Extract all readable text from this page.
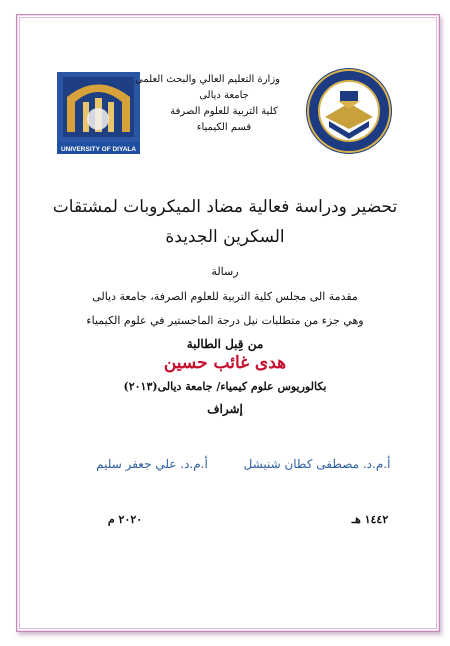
UNIVERSITY OF DIYALA
وزارة التعليم العالي والبحث العلمي
جامعة ديالى
كلية التربية للعلوم الصرفة
قسم الكيمياء
تحضير ودراسة فعالية مضاد الميكروبات لمشتقات
السكرين الجديدة
رسالة
مقدمة الى مجلس كلية التربية للعلوم الصرفة، جامعة ديالى
وهي جزء من متطلبات نيل درجة الماجستير في علوم الكيمياء
من قِبل الطالبة
هدى غائب حسين
بكالوريوس علوم كيمياء/ جامعة ديالى(٢٠١٣)
إشراف
أ.م.د. مصطفى كطان شنيشل
أ.م.د. علي جعفر سليم
١٤٤٢ هـ
٢٠٢٠ م
